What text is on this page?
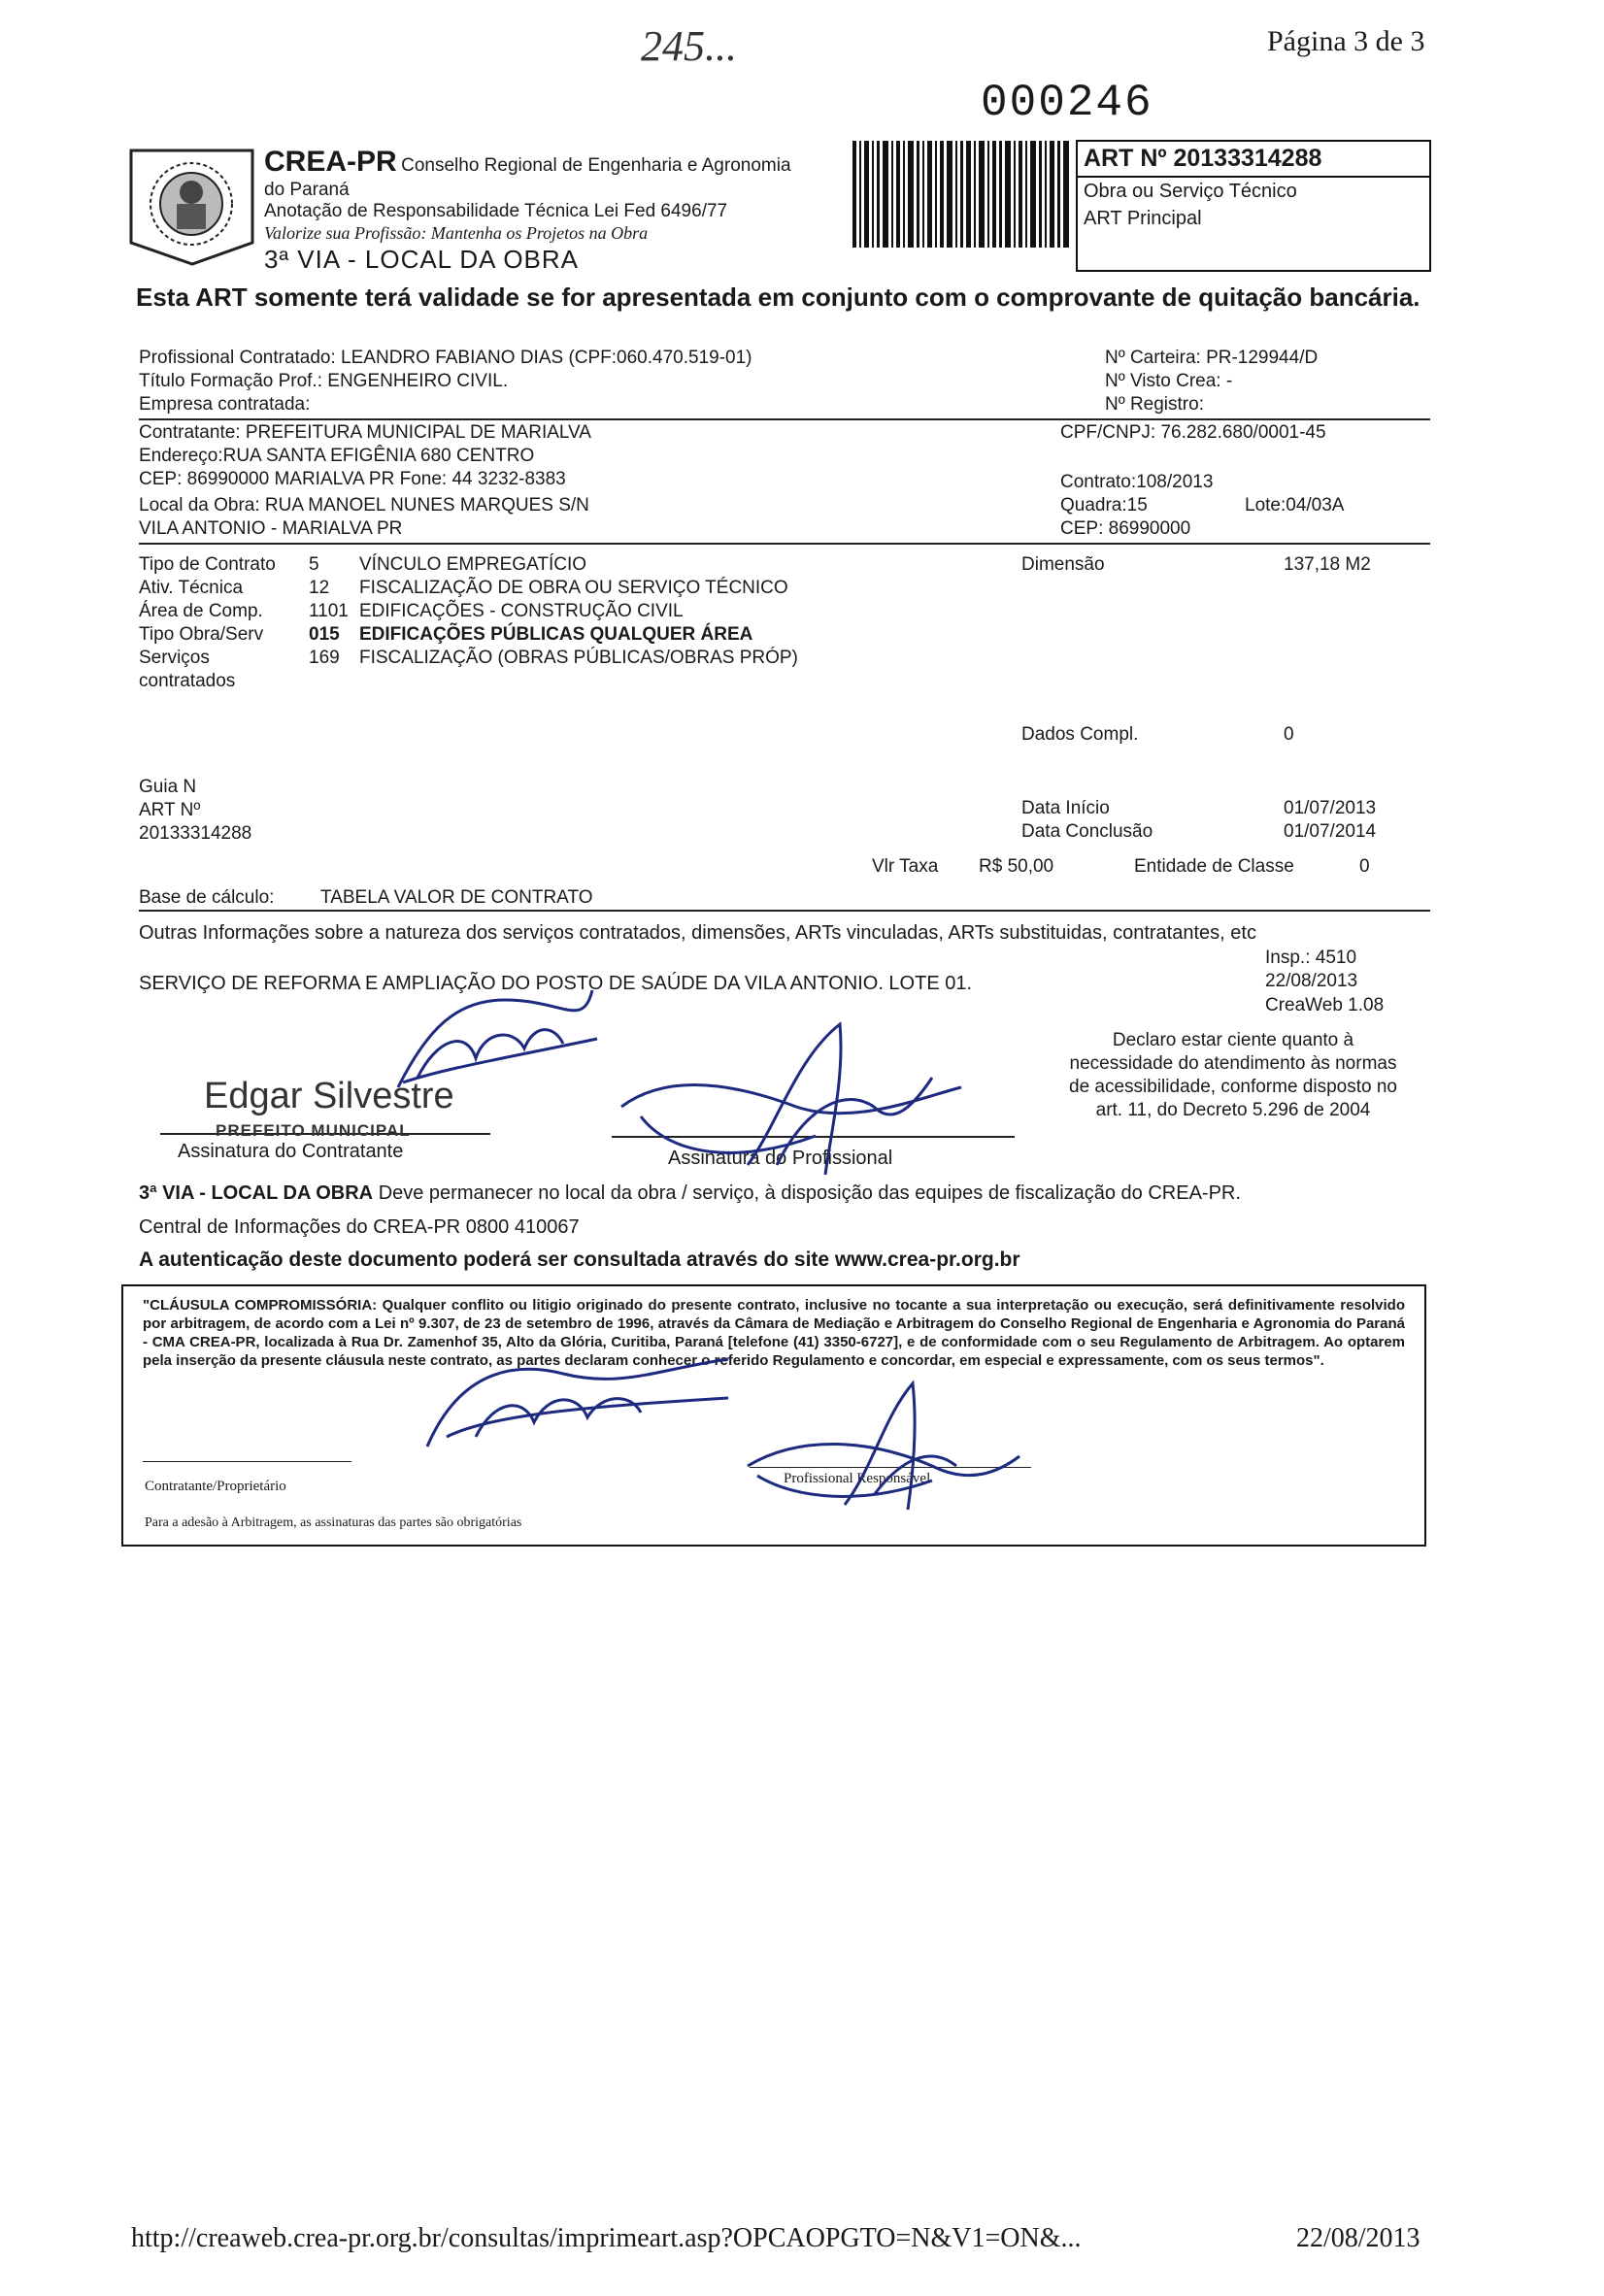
245...	Página 3 de 3
000246
CREA-PR Conselho Regional de Engenharia e Agronomia
do Paraná
Anotação de Responsabilidade Técnica Lei Fed 6496/77
Valorize sua Profissão: Mantenha os Projetos na Obra
3ª VIA - LOCAL DA OBRA
ART Nº 20133314288
Obra ou Serviço Técnico
ART Principal
Esta ART somente terá validade se for apresentada em conjunto com o comprovante de quitação bancária.
Profissional Contratado: LEANDRO FABIANO DIAS (CPF:060.470.519-01)
Título Formação Prof.: ENGENHEIRO CIVIL.
Empresa contratada:
Nº Carteira: PR-129944/D
Nº Visto Crea: -
Nº Registro:
Contratante: PREFEITURA MUNICIPAL DE MARIALVA
Endereço:RUA SANTA EFIGÊNIA 680 CENTRO
CEP: 86990000 MARIALVA PR Fone: 44 3232-8383
Local da Obra: RUA MANOEL NUNES MARQUES S/N
VILA ANTONIO - MARIALVA PR
CPF/CNPJ: 76.282.680/0001-45
Contrato:108/2013
Quadra:15	Lote:04/03A
CEP: 86990000
Tipo de Contrato 5 VÍNCULO EMPREGATÍCIO
Ativ. Técnica	12 FISCALIZAÇÃO DE OBRA OU SERVIÇO TÉCNICO
Área de Comp. 1101 EDIFICAÇÕES - CONSTRUÇÃO CIVIL
Tipo Obra/Serv 015 EDIFICAÇÕES PÚBLICAS QUALQUER ÁREA
Serviços
contratados
169 FISCALIZAÇÃO (OBRAS PÚBLICAS/OBRAS PRÓP)
Dimensão	137,18 M2
Dados Compl.	0
Guia N
ART Nº
20133314288
Data Início	01/07/2013
Data Conclusão	01/07/2014
Vlr Taxa R$ 50,00	Entidade de Classe	0
Base de cálculo:	TABELA VALOR DE CONTRATO
Outras Informações sobre a natureza dos serviços contratados, dimensões, ARTs vinculadas, ARTs substituidas, contratantes, etc
SERVIÇO DE REFORMA E AMPLIAÇÃO DO POSTO DE SAÚDE DA VILA ANTONIO. LOTE 01.
Insp.: 4510
22/08/2013
CreaWeb 1.08
Declaro estar ciente quanto à
necessidade do atendimento às normas
de acessibilidade, conforme disposto no
art. 11, do Decreto 5.296 de 2004
Edgar Silvestre
PREFEITO MUNICIPAL
Assinatura do Contratante	Assinatura do Profissional
3ª VIA - LOCAL DA OBRA Deve permanecer no local da obra / serviço, à disposição das equipes de fiscalização do CREA-PR.
Central de Informações do CREA-PR 0800 410067
A autenticação deste documento poderá ser consultada através do site www.crea-pr.org.br
"CLÁUSULA COMPROMISSÓRIA: Qualquer conflito ou litigio originado do presente contrato, inclusive no tocante a sua interpretação ou execução, será definitivamente resolvido por arbitragem, de acordo com a Lei nº 9.307, de 23 de setembro de 1996, através da Câmara de Mediação e Arbitragem do Conselho Regional de Engenharia e Agronomia do Paraná - CMA CREA-PR, localizada à Rua Dr. Zamenhof 35, Alto da Glória, Curitiba, Paraná [telefone (41) 3350-6727], e de conformidade com o seu Regulamento de Arbitragem. Ao optarem pela inserção da presente cláusula neste contrato, as partes declaram conhecer o referido Regulamento e concordar, em especial e expressamente, com os seus termos".
Contratante/Proprietário	Profissional Responsável
Para a adesão à Arbitragem, as assinaturas das partes são obrigatórias
http://creaweb.crea-pr.org.br/consultas/imprimeart.asp?OPCAOPGTO=N&V1=ON&...	22/08/2013
